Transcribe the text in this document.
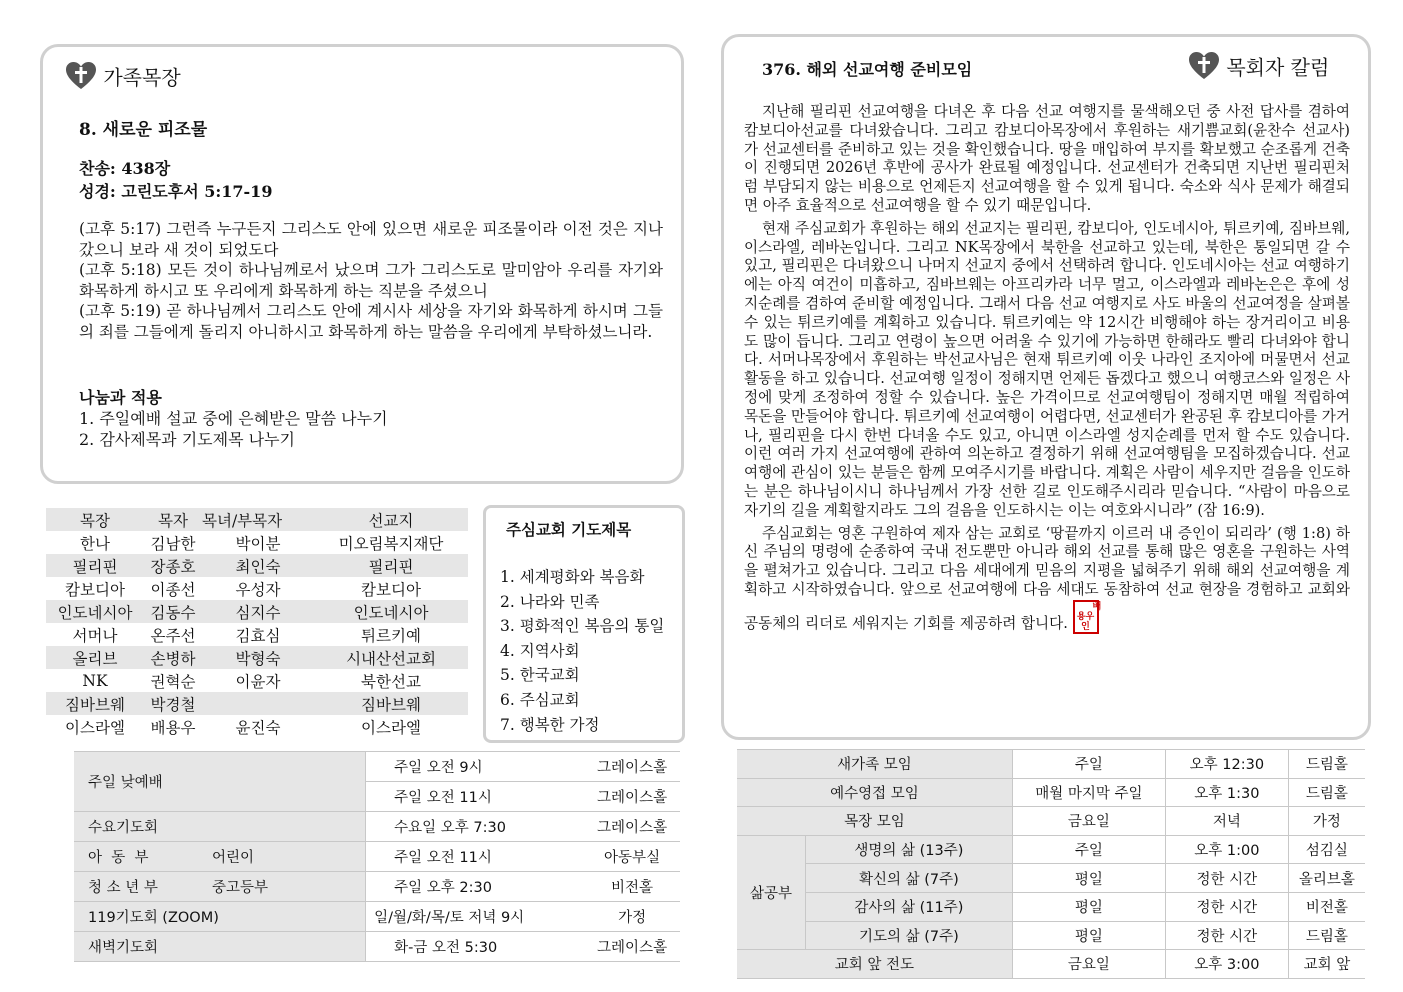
가족목장
8. 새로운 피조물
찬송: 438장
성경: 고린도후서 5:17-19
(고후 5:17) 그런즉 누구든지 그리스도 안에 있으면 새로운 피조물이라 이전 것은 지나갔으니 보라 새 것이 되었도다
(고후 5:18) 모든 것이 하나님께로서 났으며 그가 그리스도로 말미암아 우리를 자기와 화목하게 하시고 또 우리에게 화목하게 하는 직분을 주셨으니
(고후 5:19) 곧 하나님께서 그리스도 안에 계시사 세상을 자기와 화목하게 하시며 그들의 죄를 그들에게 돌리지 아니하시고 화목하게 하는 말씀을 우리에게 부탁하셨느니라.
나눔과 적용
1. 주일예배 설교 중에 은혜받은 말씀 나누기
2. 감사제목과 기도제목 나누기
목장	목자	목녀/부목자	선교지
한나	김남한	박이분	미오림복지재단
필리핀	장종호	최인숙	필리핀
캄보디아	이종선	우성자	캄보디아
인도네시아	김동수	심지수	인도네시아
서머나	온주선	김효심	튀르키예
올리브	손병하	박형숙	시내산선교회
NK	권혁순	이윤자	북한선교
짐바브웨	박경철		짐바브웨
이스라엘	배용우	윤진숙	이스라엘
주심교회 기도제목
1. 세계평화와 복음화
2. 나라와 민족
3. 평화적인 복음의 통일
4. 지역사회
5. 한국교회
6. 주심교회
7. 행복한 가정
주일 낮예배		주일 오전 9시	그레이스홀
		주일 오전 11시	그레이스홀
수요기도회		수요일 오후 7:30	그레이스홀
아  동  부	어린이	주일 오전 11시	아동부실
청 소 년 부	중고등부	주일 오후 2:30	비전홀
119기도회 (ZOOM)		일/월/화/목/토 저녁 9시	가정
새벽기도회		화-금 오전 5:30	그레이스홀
376. 해외 선교여행 준비모임	목회자 칼럼

지난해 필리핀 선교여행을 다녀온 후 다음 선교 여행지를 물색해오던 중 사전 답사를 겸하여 캄보디아선교를 다녀왔습니다. 그리고 캄보디아목장에서 후원하는 새기쁨교회(윤찬수 선교사)가 선교센터를 준비하고 있는 것을 확인했습니다. 땅을 매입하여 부지를 확보했고 순조롭게 건축이 진행되면 2026년 후반에 공사가 완료될 예정입니다. 선교센터가 건축되면 지난번 필리핀처럼 부담되지 않는 비용으로 언제든지 선교여행을 할 수 있게 됩니다. 숙소와 식사 문제가 해결되면 아주 효율적으로 선교여행을 할 수 있기 때문입니다.

현재 주심교회가 후원하는 해외 선교지는 필리핀, 캄보디아, 인도네시아, 튀르키예, 짐바브웨, 이스라엘, 레바논입니다. 그리고 NK목장에서 북한을 선교하고 있는데, 북한은 통일되면 갈 수 있고, 필리핀은 다녀왔으니 나머지 선교지 중에서 선택하려 합니다. 인도네시아는 선교 여행하기에는 아직 여건이 미흡하고, 짐바브웨는 아프리카라 너무 멀고, 이스라엘과 레바논은은 후에 성지순례를 겸하여 준비할 예정입니다. 그래서 다음 선교 여행지로 사도 바울의 선교여정을 살펴볼 수 있는 튀르키예를 계획하고 있습니다. 튀르키예는 약 12시간 비행해야 하는 장거리이고 비용도 많이 듭니다. 그리고 연령이 높으면 어려울 수 있기에 가능하면 한해라도 빨리 다녀와야 합니다. 서머나목장에서 후원하는 박선교사님은 현재 튀르키예 이웃 나라인 조지아에 머물면서 선교활동을 하고 있습니다. 선교여행 일정이 정해지면 언제든 돕겠다고 했으니 여행코스와 일정은 사정에 맞게 조정하여 정할 수 있습니다. 높은 가격이므로 선교여행팀이 정해지면 매월 적립하여 목돈을 만들어야 합니다. 튀르키예 선교여행이 어렵다면, 선교센터가 완공된 후 캄보디아를 가거나, 필리핀을 다시 한번 다녀올 수도 있고, 아니면 이스라엘 성지순례를 먼저 할 수도 있습니다. 이런 여러 가지 선교여행에 관하여 의논하고 결정하기 위해 선교여행팀을 모집하겠습니다. 선교여행에 관심이 있는 분들은 함께 모여주시기를 바랍니다. 계획은 사람이 세우지만 걸음을 인도하는 분은 하나님이시니 하나님께서 가장 선한 길로 인도해주시리라 믿습니다. “사람이 마음으로 자기의 길을 계획할지라도 그의 걸음을 인도하시는 이는 여호와시니라” (잠 16:9).

주심교회는 영혼 구원하여 제자 삼는 교회로 ‘땅끝까지 이르러 내 증인이 되리라’ (행 1:8) 하신 주님의 명령에 순종하여 국내 전도뿐만 아니라 해외 선교를 통해 많은 영혼을 구원하는 사역을 펼쳐가고 있습니다. 그리고 다음 세대에게 믿음의 지평을 넓혀주기 위해 해외 선교여행을 계획하고 시작하였습니다. 앞으로 선교여행에 다음 세대도 동참하여 선교 현장을 경험하고 교회와 공동체의 리더로 세워지는 기회를 제공하려 합니다. 배용우인

새가족 모임		주일	오후 12:30	드림홀
예수영접 모임		매월 마지막 주일	오후 1:30	드림홀
목장 모임		금요일	저녁	가정
삶공부	생명의 삶 (13주)	주일	오후 1:00	섬김실
	확신의 삶 (7주)	평일	정한 시간	올리브홀
	감사의 삶 (11주)	평일	정한 시간	비전홀
	기도의 삶 (7주)	평일	정한 시간	드림홀
교회 앞 전도		금요일	오후 3:00	교회 앞
